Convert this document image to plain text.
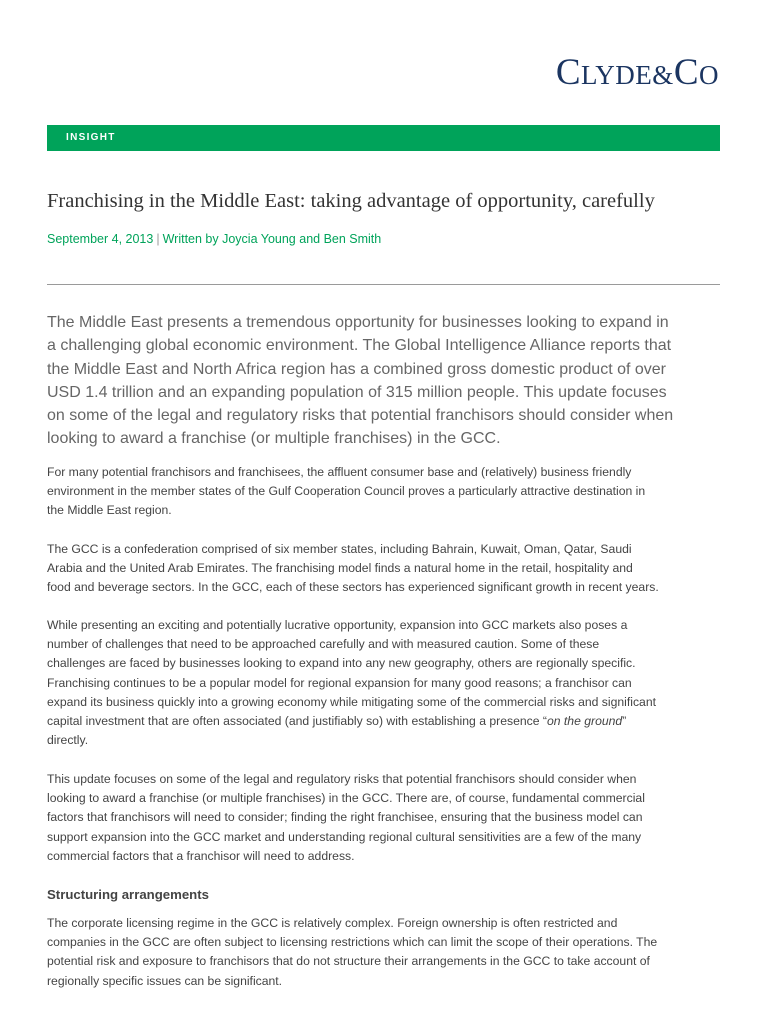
CLYDE&CO
INSIGHT
Franchising in the Middle East: taking advantage of opportunity, carefully
September 4, 2013 | Written by Joycia Young and Ben Smith

The Middle East presents a tremendous opportunity for businesses looking to expand in
a challenging global economic environment. The Global Intelligence Alliance reports that
the Middle East and North Africa region has a combined gross domestic product of over
USD 1.4 trillion and an expanding population of 315 million people. This update focuses
on some of the legal and regulatory risks that potential franchisors should consider when
looking to award a franchise (or multiple franchises) in the GCC.

For many potential franchisors and franchisees, the affluent consumer base and (relatively) business friendly
environment in the member states of the Gulf Cooperation Council proves a particularly attractive destination in
the Middle East region.

The GCC is a confederation comprised of six member states, including Bahrain, Kuwait, Oman, Qatar, Saudi
Arabia and the United Arab Emirates. The franchising model finds a natural home in the retail, hospitality and
food and beverage sectors. In the GCC, each of these sectors has experienced significant growth in recent years.

While presenting an exciting and potentially lucrative opportunity, expansion into GCC markets also poses a
number of challenges that need to be approached carefully and with measured caution. Some of these
challenges are faced by businesses looking to expand into any new geography, others are regionally specific.
Franchising continues to be a popular model for regional expansion for many good reasons; a franchisor can
expand its business quickly into a growing economy while mitigating some of the commercial risks and significant
capital investment that are often associated (and justifiably so) with establishing a presence “on the ground”
directly.

This update focuses on some of the legal and regulatory risks that potential franchisors should consider when
looking to award a franchise (or multiple franchises) in the GCC. There are, of course, fundamental commercial
factors that franchisors will need to consider; finding the right franchisee, ensuring that the business model can
support expansion into the GCC market and understanding regional cultural sensitivities are a few of the many
commercial factors that a franchisor will need to address.

Structuring arrangements

The corporate licensing regime in the GCC is relatively complex. Foreign ownership is often restricted and
companies in the GCC are often subject to licensing restrictions which can limit the scope of their operations. The
potential risk and exposure to franchisors that do not structure their arrangements in the GCC to take account of
regionally specific issues can be significant.
